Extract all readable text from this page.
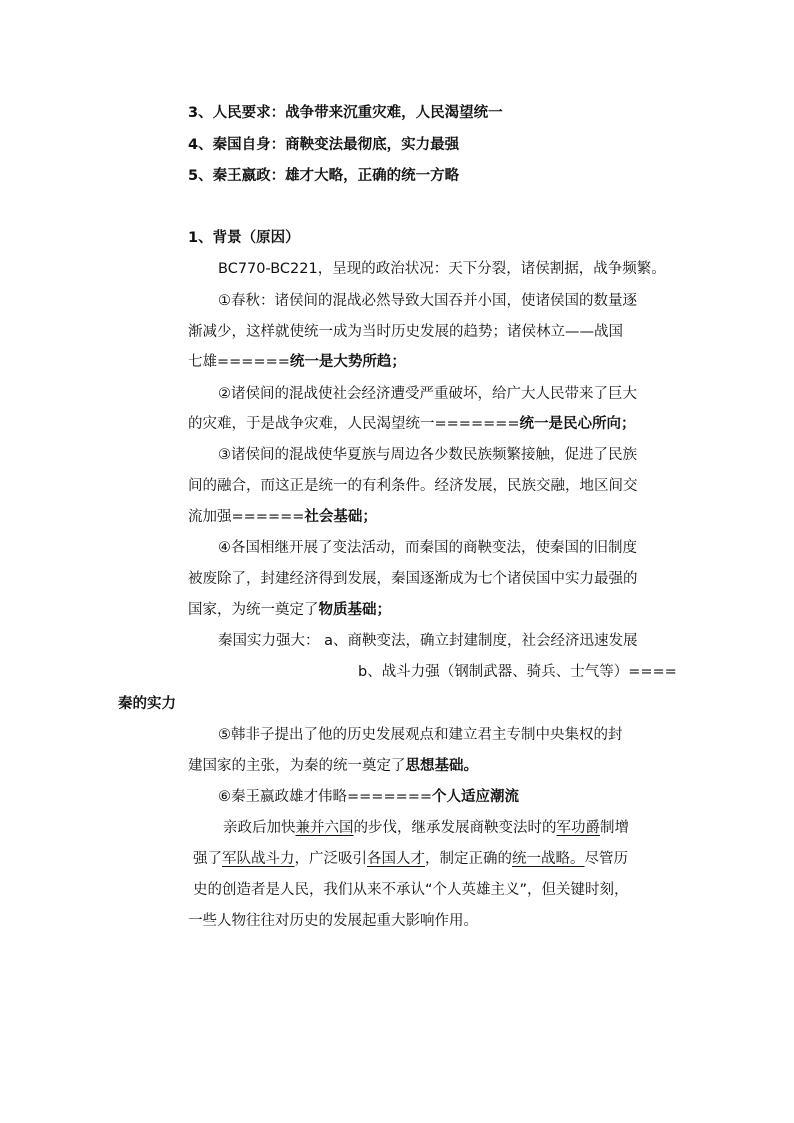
3、人民要求：战争带来沉重灾难，人民渴望统一
4、秦国自身：商鞅变法最彻底，实力最强
5、秦王嬴政：雄才大略，正确的统一方略
1、背景（原因）
BC770-BC221，呈现的政治状况：天下分裂，诸侯割据，战争频繁。
①春秋：诸侯间的混战必然导致大国吞并小国，使诸侯国的数量逐
渐减少，这样就使统一成为当时历史发展的趋势；诸侯林立——战国
七雄======统一是大势所趋；
②诸侯间的混战使社会经济遭受严重破坏，给广大人民带来了巨大
的灾难，于是战争灾难，人民渴望统一=======统一是民心所向；
③诸侯间的混战使华夏族与周边各少数民族频繁接触，促进了民族
间的融合，而这正是统一的有利条件。经济发展，民族交融，地区间交
流加强======社会基础；
④各国相继开展了变法活动，而秦国的商鞅变法，使秦国的旧制度
被废除了，封建经济得到发展，秦国逐渐成为七个诸侯国中实力最强的
国家，为统一奠定了物质基础；
秦国实力强大： a、商鞅变法，确立封建制度，社会经济迅速发展
b、战斗力强（钢制武器、骑兵、士气等）====
秦的实力
⑤韩非子提出了他的历史发展观点和建立君主专制中央集权的封
建国家的主张，为秦的统一奠定了思想基础。
⑥秦王嬴政雄才伟略=======个人适应潮流
亲政后加快兼并六国的步伐，继承发展商鞅变法时的军功爵制增
强了军队战斗力，广泛吸引各国人才，制定正确的统一战略。尽管历
史的创造者是人民，我们从来不承认“个人英雄主义”，但关键时刻，
一些人物往往对历史的发展起重大影响作用。
